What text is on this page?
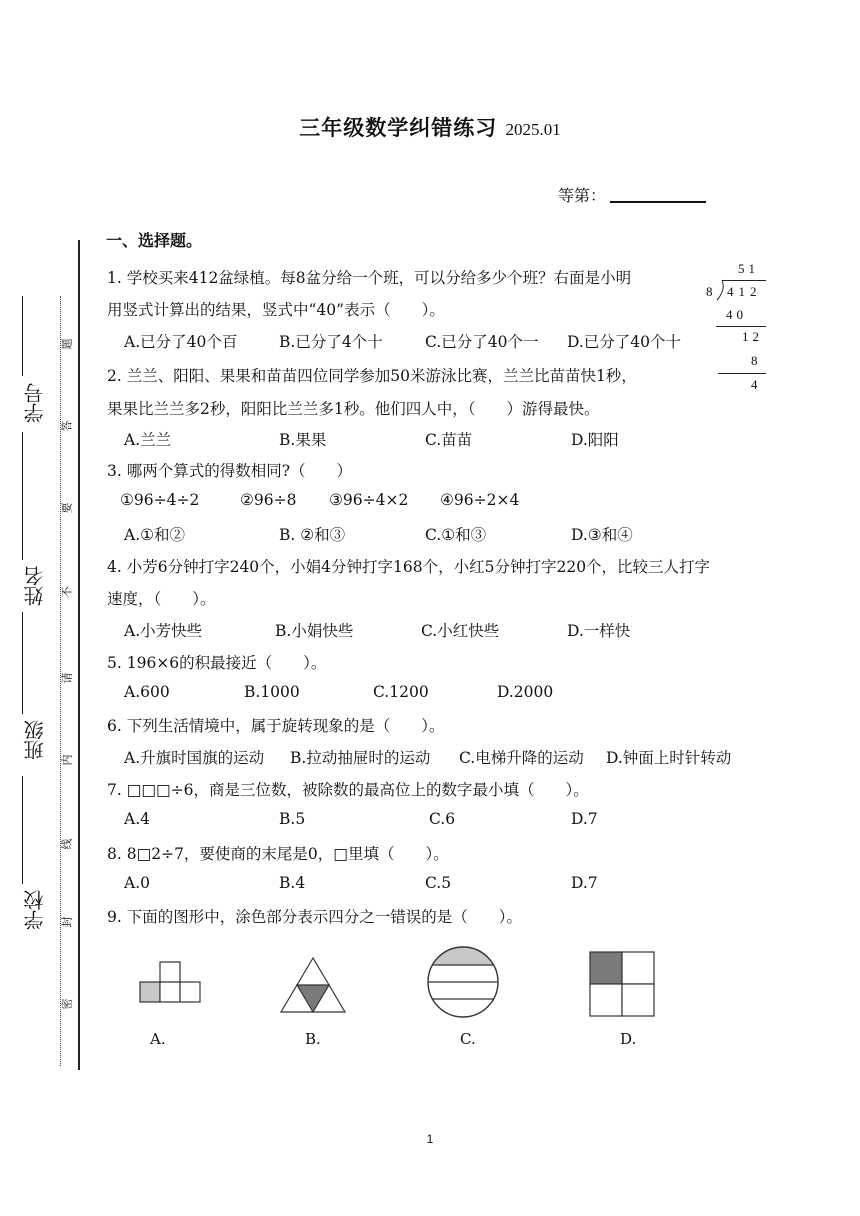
三年级数学纠错练习 2025.01
等第：
一、选择题。
学号
姓名
班级
学校
题
答
要
不
请
内
线
封
密
51
8 412
40
12
8
4
1. 学校买来412盆绿植。每8盆分给一个班，可以分给多少个班？右面是小明
用竖式计算出的结果，竖式中“40”表示（　　）。
A.已分了40个百	B.已分了4个十	C.已分了40个一 D.已分了40个十
2. 兰兰、阳阳、果果和苗苗四位同学参加50米游泳比赛，兰兰比苗苗快1秒，
果果比兰兰多2秒，阳阳比兰兰多1秒。他们四人中，（　　）游得最快。
A.兰兰	B.果果	C.苗苗	D.阳阳
3. 哪两个算式的得数相同?（　　）
①96÷4÷2	②96÷8 ③96÷4×2 ④96÷2×4
A.①和②	B. ②和③	C.①和③	D.③和④
4. 小芳6分钟打字240个，小娟4分钟打字168个，小红5分钟打字220个，比较三人打字
速度，（　　）。
A.小芳快些	B.小娟快些	C.小红快些	D.一样快
5. 196×6的积最接近（　　）。
A.600	B.1000	C.1200	D.2000
6. 下列生活情境中，属于旋转现象的是（　　）。
A.升旗时国旗的运动 B.拉动抽屉时的运动 C.电梯升降的运动 D.钟面上时针转动
7. □□□÷6，商是三位数，被除数的最高位上的数字最小填（　　）。
A.4	B.5	C.6	D.7
8. 8□2÷7，要使商的末尾是0，□里填（　　）。
A.0	B.4	C.5	D.7
9. 下面的图形中，涂色部分表示四分之一错误的是（　　）。
A.	B.	C.	D.
1
